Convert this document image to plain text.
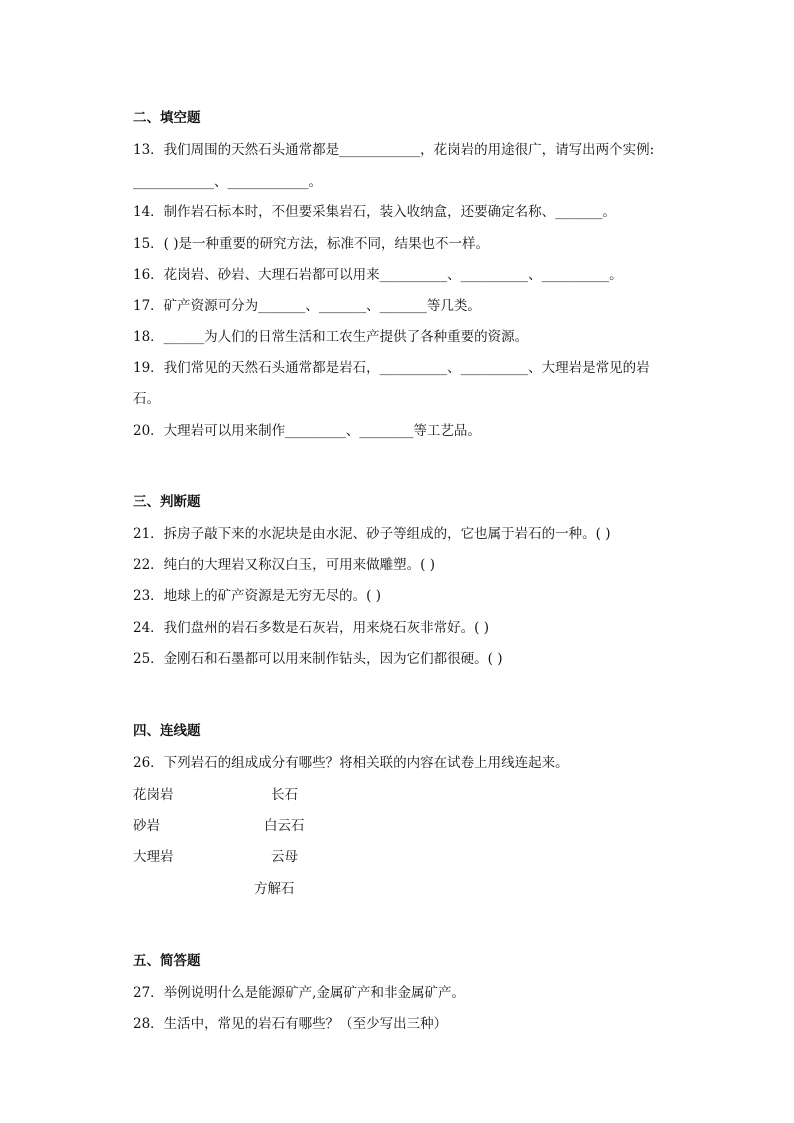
二、填空题
13．我们周围的天然石头通常都是____________，花岗岩的用途很广，请写出两个实例:
____________、____________。
14．制作岩石标本时，不但要采集岩石，装入收纳盒，还要确定名称、_______。
15．( )是一种重要的研究方法，标准不同，结果也不一样。
16．花岗岩、砂岩、大理石岩都可以用来__________、__________、__________。
17．矿产资源可分为_______、_______、_______等几类。
18．______为人们的日常生活和工农生产提供了各种重要的资源。
19．我们常见的天然石头通常都是岩石，__________、__________、大理岩是常见的岩
石。
20．大理岩可以用来制作_________、________等工艺品。
三、判断题
21．拆房子敲下来的水泥块是由水泥、砂子等组成的，它也属于岩石的一种。( )
22．纯白的大理岩又称汉白玉，可用来做雕塑。( )
23．地球上的矿产资源是无穷无尽的。( )
24．我们盘州的岩石多数是石灰岩，用来烧石灰非常好。( )
25．金刚石和石墨都可以用来制作钻头，因为它们都很硬。( )
四、连线题
26．下列岩石的组成成分有哪些？将相关联的内容在试卷上用线连起来。
花岗岩
砂岩
大理岩
长石
白云石
云母
方解石
五、简答题
27．举例说明什么是能源矿产,金属矿产和非金属矿产。
28．生活中，常见的岩石有哪些？（至少写出三种）
